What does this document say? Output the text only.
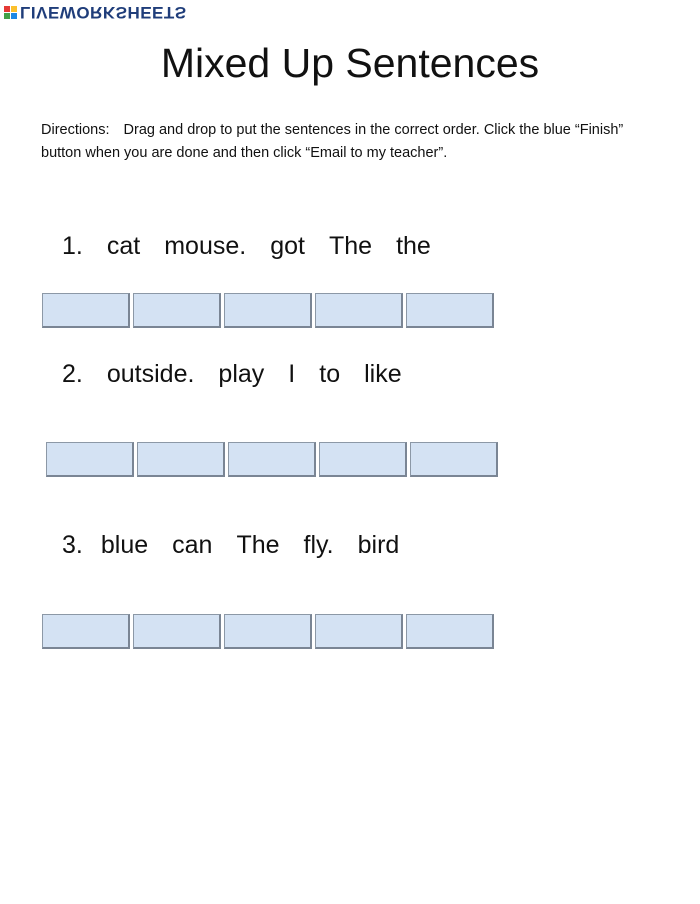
LIVEWORKSHEETS
Mixed Up Sentences
Directions: Drag and drop to put the sentences in the correct order. Click the blue “Finish” button when you are done and then click “Email to my teacher”.
1. cat mouse. got The the
2. outside. play I to like
3. blue can The fly. bird
